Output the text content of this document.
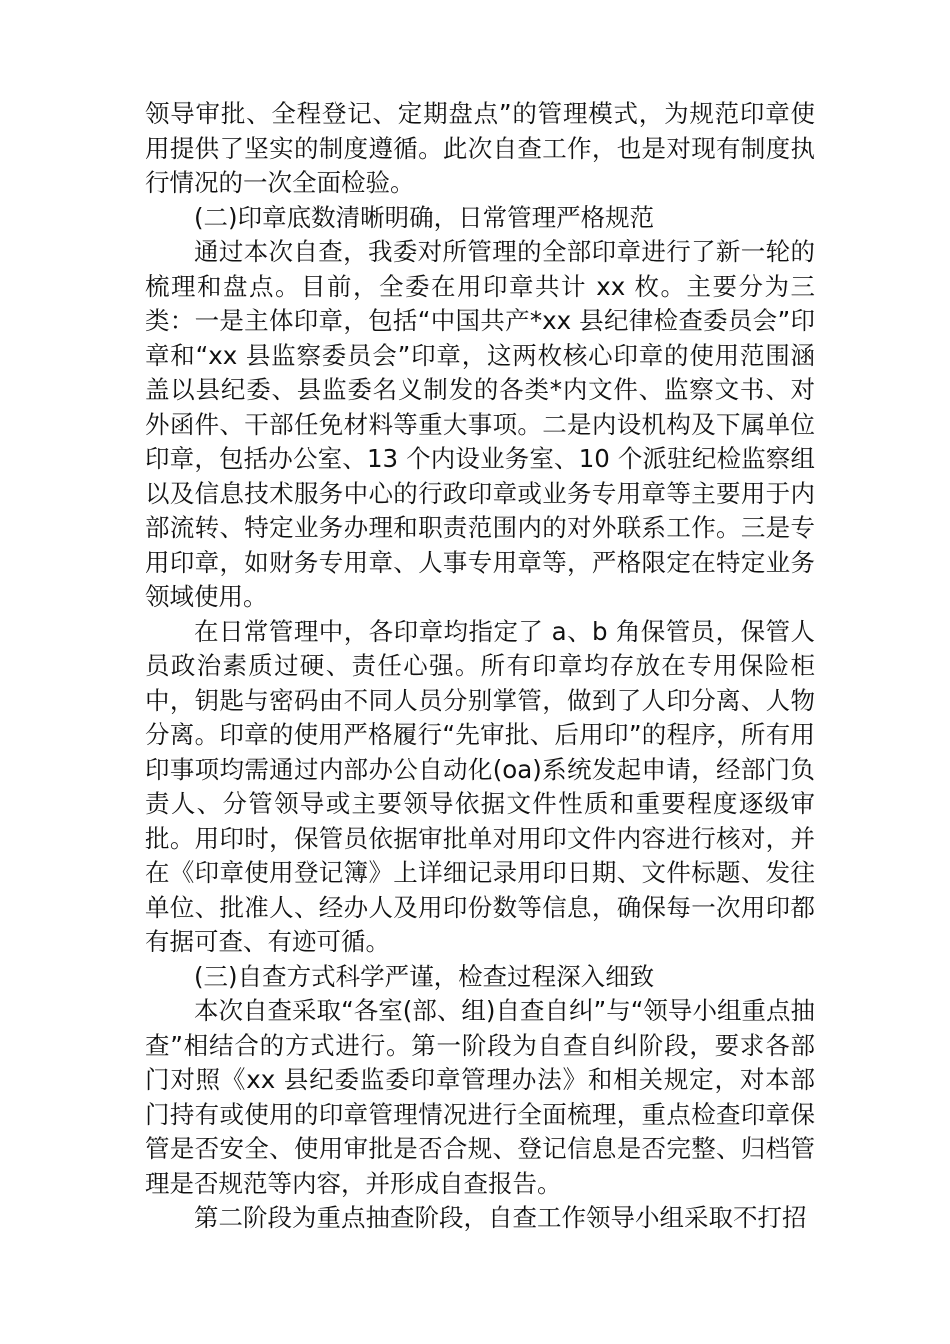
领导审批、全程登记、定期盘点”的管理模式，为规范印章使用提供了坚实的制度遵循。此次自查工作，也是对现有制度执行情况的一次全面检验。

(二)印章底数清晰明确，日常管理严格规范

通过本次自查，我委对所管理的全部印章进行了新一轮的梳理和盘点。目前，全委在用印章共计 xx 枚。主要分为三类：一是主体印章，包括“中国共产*xx 县纪律检查委员会”印章和“xx 县监察委员会”印章，这两枚核心印章的使用范围涵盖以县纪委、县监委名义制发的各类*内文件、监察文书、对外函件、干部任免材料等重大事项。二是内设机构及下属单位印章，包括办公室、13 个内设业务室、10 个派驻纪检监察组以及信息技术服务中心的行政印章或业务专用章等主要用于内部流转、特定业务办理和职责范围内的对外联系工作。三是专用印章，如财务专用章、人事专用章等，严格限定在特定业务领域使用。

在日常管理中，各印章均指定了 a、b 角保管员，保管人员政治素质过硬、责任心强。所有印章均存放在专用保险柜中，钥匙与密码由不同人员分别掌管，做到了人印分离、人物分离。印章的使用严格履行“先审批、后用印”的程序，所有用印事项均需通过内部办公自动化(oa)系统发起申请，经部门负责人、分管领导或主要领导依据文件性质和重要程度逐级审批。用印时，保管员依据审批单对用印文件内容进行核对，并在《印章使用登记簿》上详细记录用印日期、文件标题、发往单位、批准人、经办人及用印份数等信息，确保每一次用印都有据可查、有迹可循。

(三)自查方式科学严谨，检查过程深入细致

本次自查采取“各室(部、组)自查自纠”与“领导小组重点抽查”相结合的方式进行。第一阶段为自查自纠阶段，要求各部门对照《xx 县纪委监委印章管理办法》和相关规定，对本部门持有或使用的印章管理情况进行全面梳理，重点检查印章保管是否安全、使用审批是否合规、登记信息是否完整、归档管理是否规范等内容，并形成自查报告。

第二阶段为重点抽查阶段，自查工作领导小组采取不打招
